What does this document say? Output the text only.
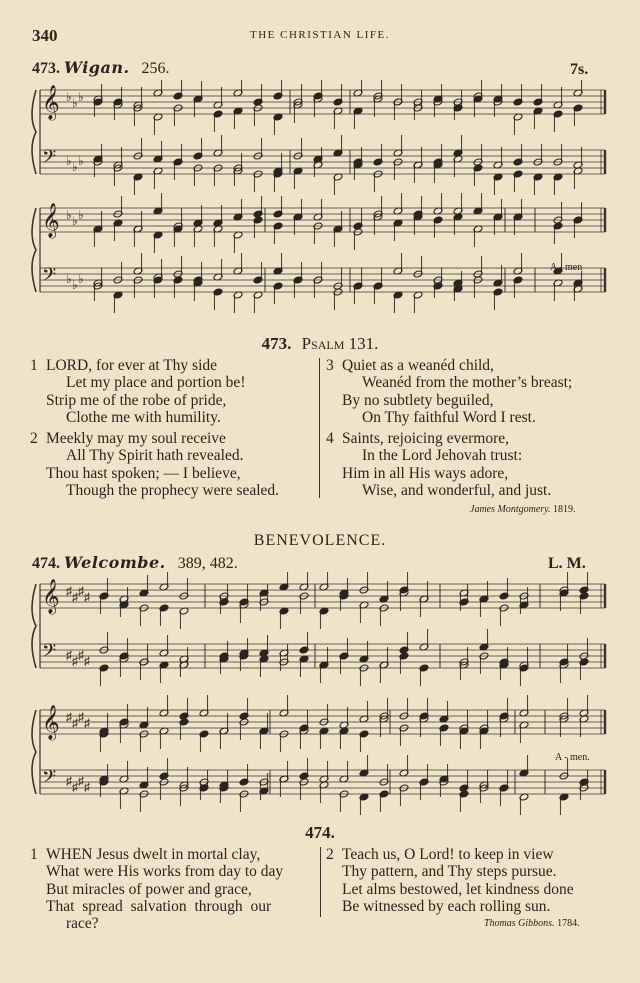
340	THE CHRISTIAN LIFE.
473. Wigan. 256.	7s.
𝄞
𝄢
♭
♭
♭
♭
♭
♭
𝄞
𝄢
♭
♭
♭
♭
♭
♭
A - men
473. Psalm 131.
1 LORD, for ever at Thy side
Let my place and portion be!
Strip me of the robe of pride,
Clothe me with humility.
2 Meekly may my soul receive
All Thy Spirit hath revealed.
Thou hast spoken; — I believe,
Though the prophecy were sealed.
3 Quiet as a weanéd child,
Weanéd from the mother’s breast;
By no subtlety beguiled,
On Thy faithful Word I rest.
4 Saints, rejoicing evermore,
In the Lord Jehovah trust:
Him in all His ways adore,
Wise, and wonderful, and just.
James Montgomery. 1819.
BENEVOLENCE.
474. Welcombe. 389, 482.	L. M.
𝄞
𝄢
♯
♯
♯
♯
♯
♯
♯
♯
𝄞
𝄢
♯
♯
♯
♯
♯
♯
♯
♯
A - men.
474.
1 WHEN Jesus dwelt in mortal clay,
What were His works from day to day
But miracles of power and grace,
That spread salvation through our
race?
2 Teach us, O Lord! to keep in view
Thy pattern, and Thy steps pursue.
Let alms bestowed, let kindness done
Be witnessed by each rolling sun.
Thomas Gibbons. 1784.
